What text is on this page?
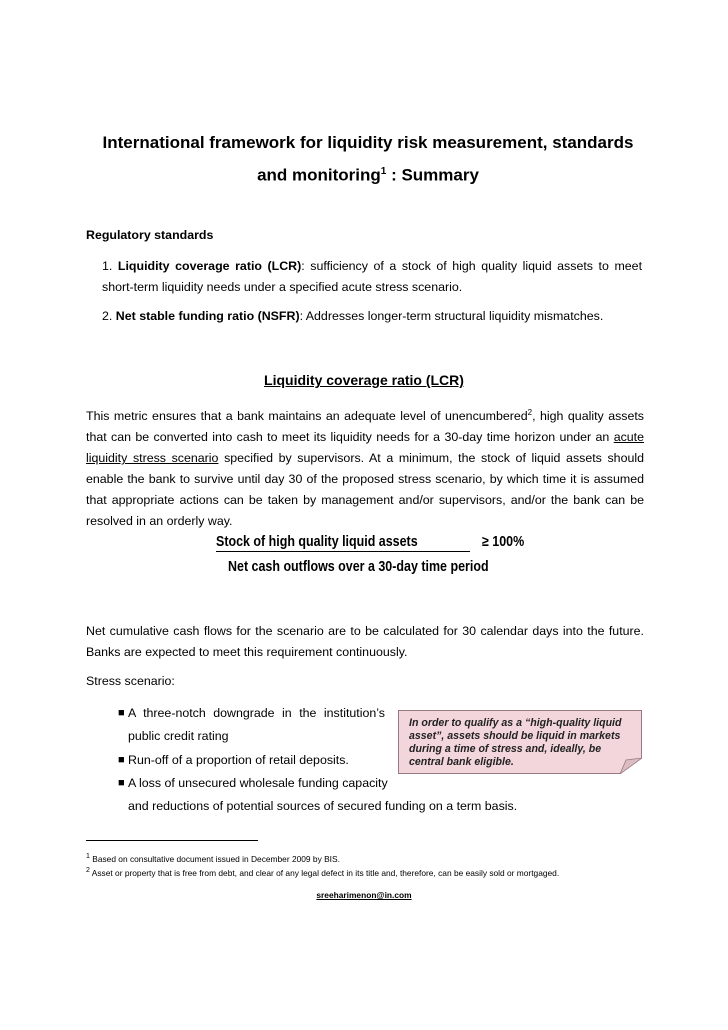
International framework for liquidity risk measurement, standards
and monitoring$^1$ : Summary
Regulatory standards
1. Liquidity coverage ratio (LCR): sufficiency of a stock of high quality liquid assets to meet short-term liquidity needs under a specified acute stress scenario.
2. Net stable funding ratio (NSFR): Addresses longer-term structural liquidity mismatches.
Liquidity coverage ratio (LCR)
This metric ensures that a bank maintains an adequate level of unencumbered$^2$, high quality assets that can be converted into cash to meet its liquidity needs for a 30-day time horizon under an acute liquidity stress scenario specified by supervisors. At a minimum, the stock of liquid assets should enable the bank to survive until day 30 of the proposed stress scenario, by which time it is assumed that appropriate actions can be taken by management and/or supervisors, and/or the bank can be resolved in an orderly way.
Stock of high quality liquid assets	≥ 100%
Net cash outflows over a 30-day time period
Net cumulative cash flows for the scenario are to be calculated for 30 calendar days into the future. Banks are expected to meet this requirement continuously.
Stress scenario:
■ A three-notch downgrade in the institution’s
public credit rating
■ Run-off of a proportion of retail deposits.
■ A loss of unsecured wholesale funding capacity
and reductions of potential sources of secured funding on a term basis.
In order to qualify as a “high-quality liquid asset”, assets should be liquid in markets during a time of stress and, ideally, be central bank eligible.
$^1$ Based on consultative document issued in December 2009 by BIS.
$^2$ Asset or property that is free from debt, and clear of any legal defect in its title and, therefore, can be easily sold or mortgaged.
sreeharimenon@in.com
